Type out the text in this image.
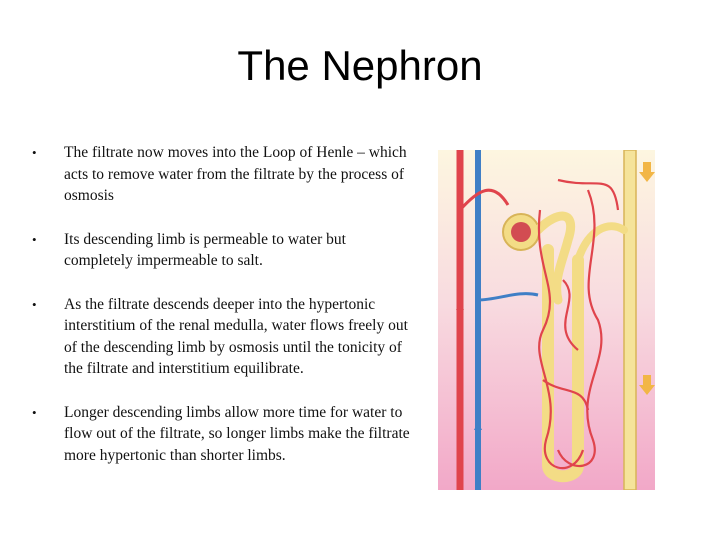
The Nephron
• The filtrate now moves into the Loop of Henle – which acts to remove water from the filtrate by the process of osmosis
• Its descending limb is permeable to water but completely impermeable to salt.
• As the filtrate descends deeper into the hypertonic interstitium of the renal medulla, water flows freely out of the descending limb by osmosis until the tonicity of the filtrate and interstitium equilibrate.
• Longer descending limbs allow more time for water to flow out of the filtrate, so longer limbs make the filtrate more hypertonic than shorter limbs.
